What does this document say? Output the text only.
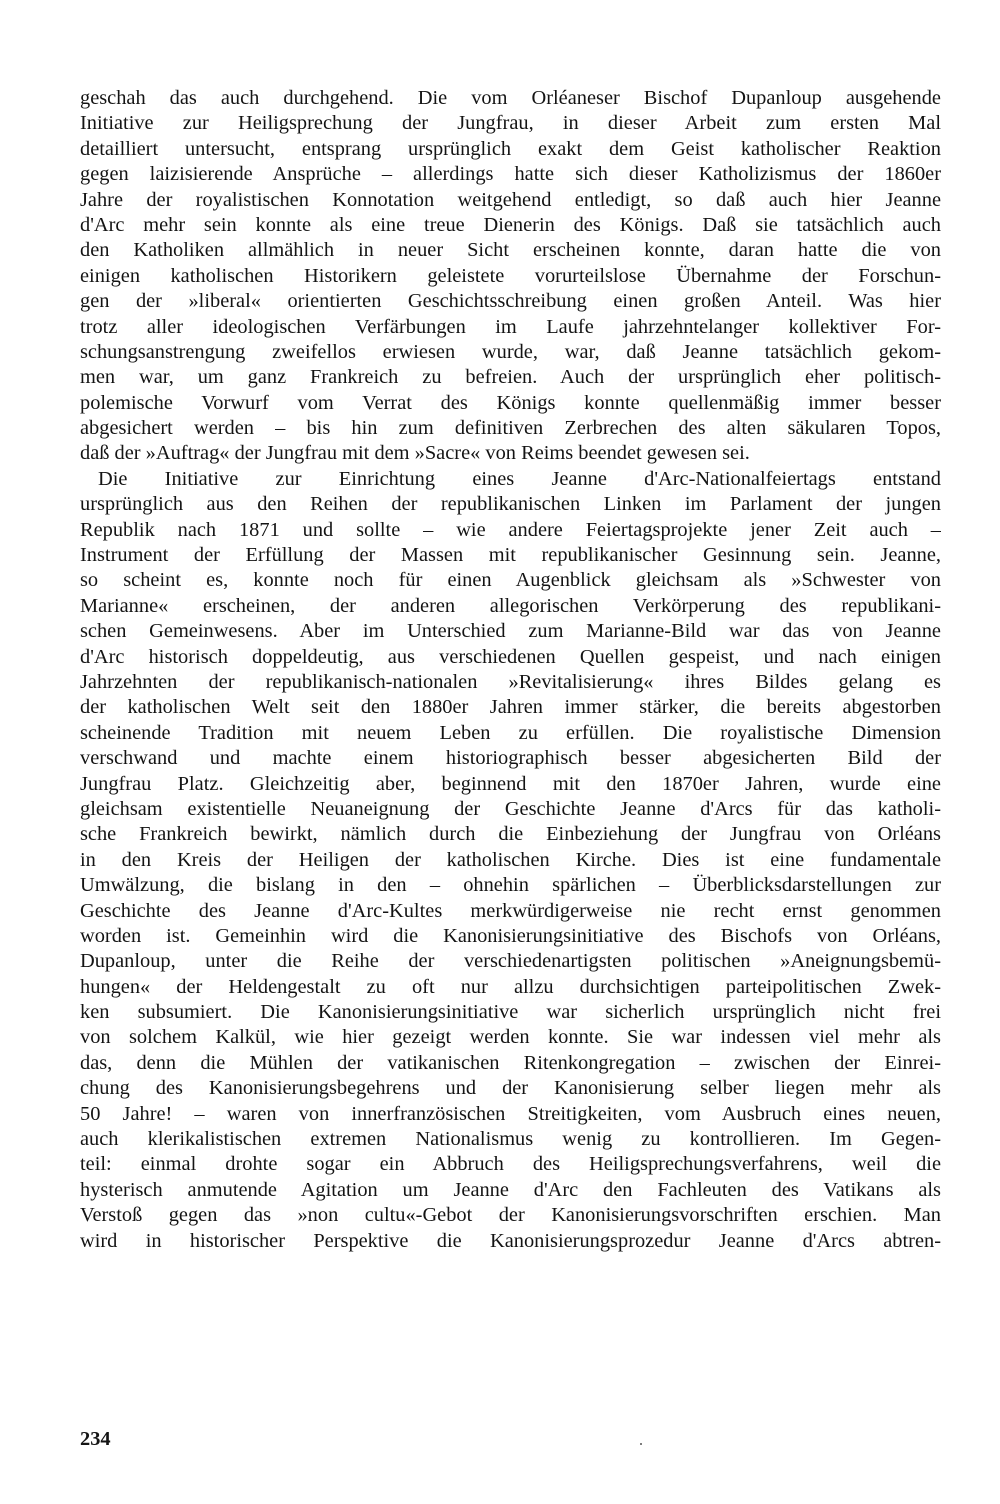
geschah das auch durchgehend. Die vom Orléaneser Bischof Dupanloup ausgehende
Initiative zur Heiligsprechung der Jungfrau, in dieser Arbeit zum ersten Mal
detailliert untersucht, entsprang ursprünglich exakt dem Geist katholischer Reaktion
gegen laizisierende Ansprüche – allerdings hatte sich dieser Katholizismus der 1860er
Jahre der royalistischen Konnotation weitgehend entledigt, so daß auch hier Jeanne
d'Arc mehr sein konnte als eine treue Dienerin des Königs. Daß sie tatsächlich auch
den Katholiken allmählich in neuer Sicht erscheinen konnte, daran hatte die von
einigen katholischen Historikern geleistete vorurteilslose Übernahme der Forschun-
gen der »liberal« orientierten Geschichtsschreibung einen großen Anteil. Was hier
trotz aller ideologischen Verfärbungen im Laufe jahrzehntelanger kollektiver For-
schungsanstrengung zweifellos erwiesen wurde, war, daß Jeanne tatsächlich gekom-
men war, um ganz Frankreich zu befreien. Auch der ursprünglich eher politisch-
polemische Vorwurf vom Verrat des Königs konnte quellenmäßig immer besser
abgesichert werden – bis hin zum definitiven Zerbrechen des alten säkularen Topos,
daß der »Auftrag« der Jungfrau mit dem »Sacre« von Reims beendet gewesen sei.
Die Initiative zur Einrichtung eines Jeanne d'Arc-Nationalfeiertags entstand
ursprünglich aus den Reihen der republikanischen Linken im Parlament der jungen
Republik nach 1871 und sollte – wie andere Feiertagsprojekte jener Zeit auch –
Instrument der Erfüllung der Massen mit republikanischer Gesinnung sein. Jeanne,
so scheint es, konnte noch für einen Augenblick gleichsam als »Schwester von
Marianne« erscheinen, der anderen allegorischen Verkörperung des republikani-
schen Gemeinwesens. Aber im Unterschied zum Marianne-Bild war das von Jeanne
d'Arc historisch doppeldeutig, aus verschiedenen Quellen gespeist, und nach einigen
Jahrzehnten der republikanisch-nationalen »Revitalisierung« ihres Bildes gelang es
der katholischen Welt seit den 1880er Jahren immer stärker, die bereits abgestorben
scheinende Tradition mit neuem Leben zu erfüllen. Die royalistische Dimension
verschwand und machte einem historiographisch besser abgesicherten Bild der
Jungfrau Platz. Gleichzeitig aber, beginnend mit den 1870er Jahren, wurde eine
gleichsam existentielle Neuaneignung der Geschichte Jeanne d'Arcs für das katholi-
sche Frankreich bewirkt, nämlich durch die Einbeziehung der Jungfrau von Orléans
in den Kreis der Heiligen der katholischen Kirche. Dies ist eine fundamentale
Umwälzung, die bislang in den – ohnehin spärlichen – Überblicksdarstellungen zur
Geschichte des Jeanne d'Arc-Kultes merkwürdigerweise nie recht ernst genommen
worden ist. Gemeinhin wird die Kanonisierungsinitiative des Bischofs von Orléans,
Dupanloup, unter die Reihe der verschiedenartigsten politischen »Aneignungsbemü-
hungen« der Heldengestalt zu oft nur allzu durchsichtigen parteipolitischen Zwek-
ken subsumiert. Die Kanonisierungsinitiative war sicherlich ursprünglich nicht frei
von solchem Kalkül, wie hier gezeigt werden konnte. Sie war indessen viel mehr als
das, denn die Mühlen der vatikanischen Ritenkongregation – zwischen der Einrei-
chung des Kanonisierungsbegehrens und der Kanonisierung selber liegen mehr als
50 Jahre! – waren von innerfranzösischen Streitigkeiten, vom Ausbruch eines neuen,
auch klerikalistischen extremen Nationalismus wenig zu kontrollieren. Im Gegen-
teil: einmal drohte sogar ein Abbruch des Heiligsprechungsverfahrens, weil die
hysterisch anmutende Agitation um Jeanne d'Arc den Fachleuten des Vatikans als
Verstoß gegen das »non cultu«-Gebot der Kanonisierungsvorschriften erschien. Man
wird in historischer Perspektive die Kanonisierungsprozedur Jeanne d'Arcs abtren-
234
